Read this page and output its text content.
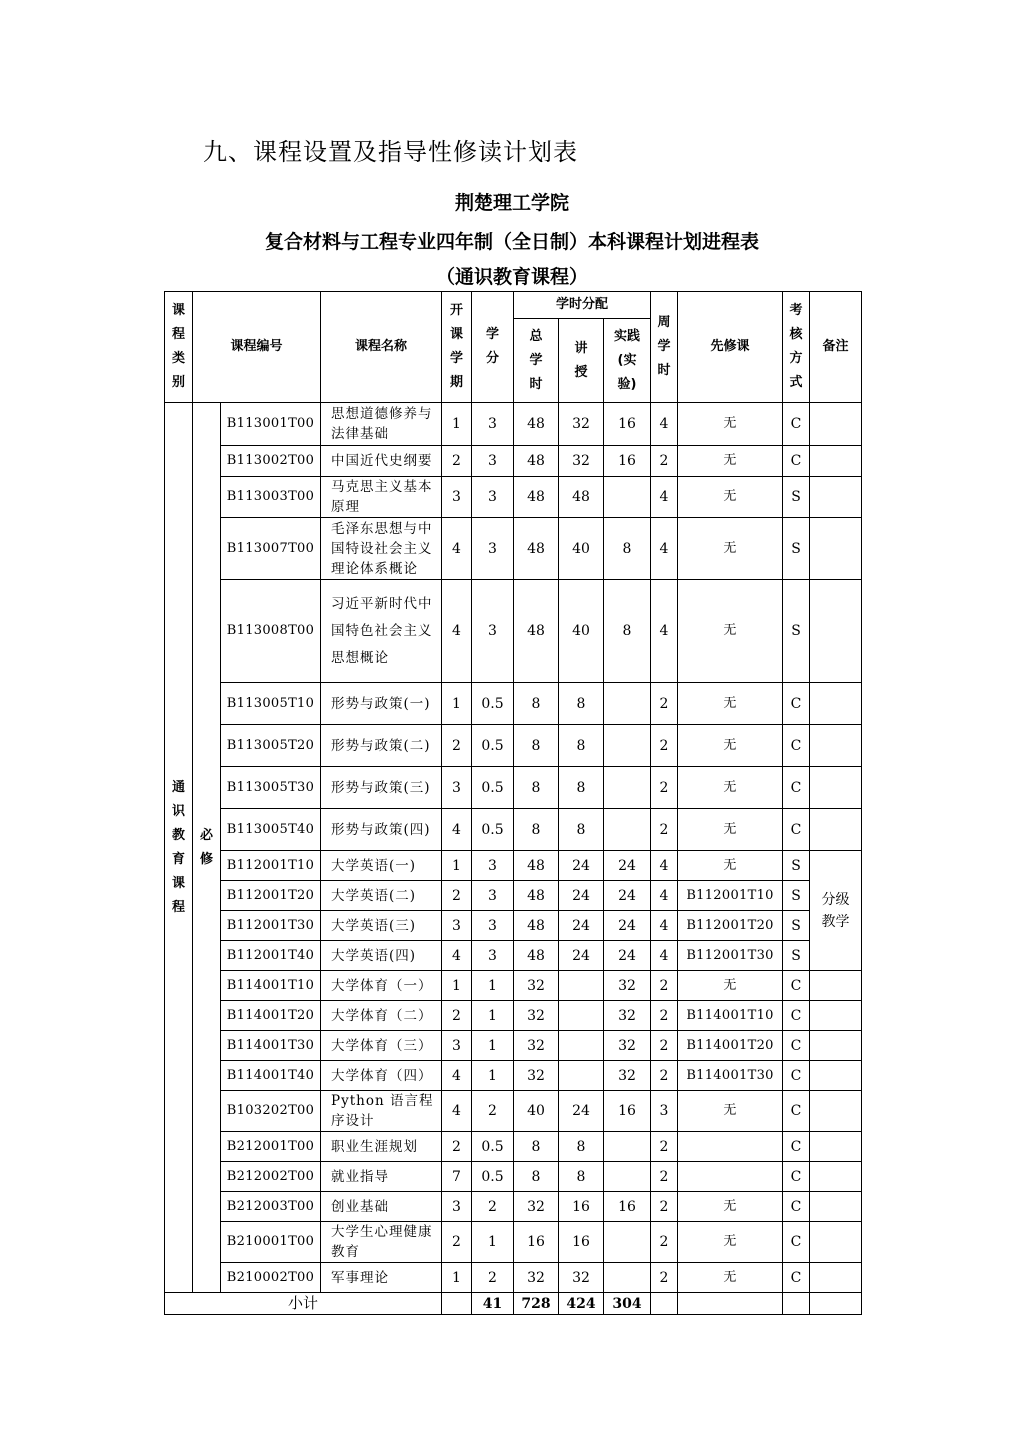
九、课程设置及指导性修读计划表
荆楚理工学院
复合材料与工程专业四年制（全日制）本科课程计划进程表
（通识教育课程）
课程类别	课程编号		课程名称	开课学期	学分	学时分配			周学时	先修课	考核方式	备注
						总学时	讲授	实践(实验)				
通识教育课程	必修	B113001T00	思想道德修养与法律基础	1	3	48	32	16	4	无	C	
		B113002T00	中国近代史纲要	2	3	48	32	16	2	无	C	
		B113003T00	马克思主义基本原理	3	3	48	48		4	无	S	
		B113007T00	毛泽东思想与中国特设社会主义理论体系概论	4	3	48	40	8	4	无	S	
		B113008T00	习近平新时代中国特色社会主义思想概论	4	3	48	40	8	4	无	S	
		B113005T10	形势与政策(一)	1	0.5	8	8		2	无	C	
		B113005T20	形势与政策(二)	2	0.5	8	8		2	无	C	
		B113005T30	形势与政策(三)	3	0.5	8	8		2	无	C	
		B113005T40	形势与政策(四)	4	0.5	8	8		2	无	C	
		B112001T10	大学英语(一)	1	3	48	24	24	4	无	S	分级教学
		B112001T20	大学英语(二)	2	3	48	24	24	4	B112001T10	S	
		B112001T30	大学英语(三)	3	3	48	24	24	4	B112001T20	S	
		B112001T40	大学英语(四)	4	3	48	24	24	4	B112001T30	S	
		B114001T10	大学体育（一）	1	1	32		32	2	无	C	
		B114001T20	大学体育（二）	2	1	32		32	2	B114001T10	C	
		B114001T30	大学体育（三）	3	1	32		32	2	B114001T20	C	
		B114001T40	大学体育（四）	4	1	32		32	2	B114001T30	C	
		B103202T00	Python 语言程序设计	4	2	40	24	16	3	无	C	
		B212001T00	职业生涯规划	2	0.5	8	8		2		C	
		B212002T00	就业指导	7	0.5	8	8		2		C	
		B212003T00	创业基础	3	2	32	16	16	2	无	C	
		B210001T00	大学生心理健康教育	2	1	16	16		2	无	C	
		B210002T00	军事理论	1	2	32	32		2	无	C	
小计					41	728	424	304				
